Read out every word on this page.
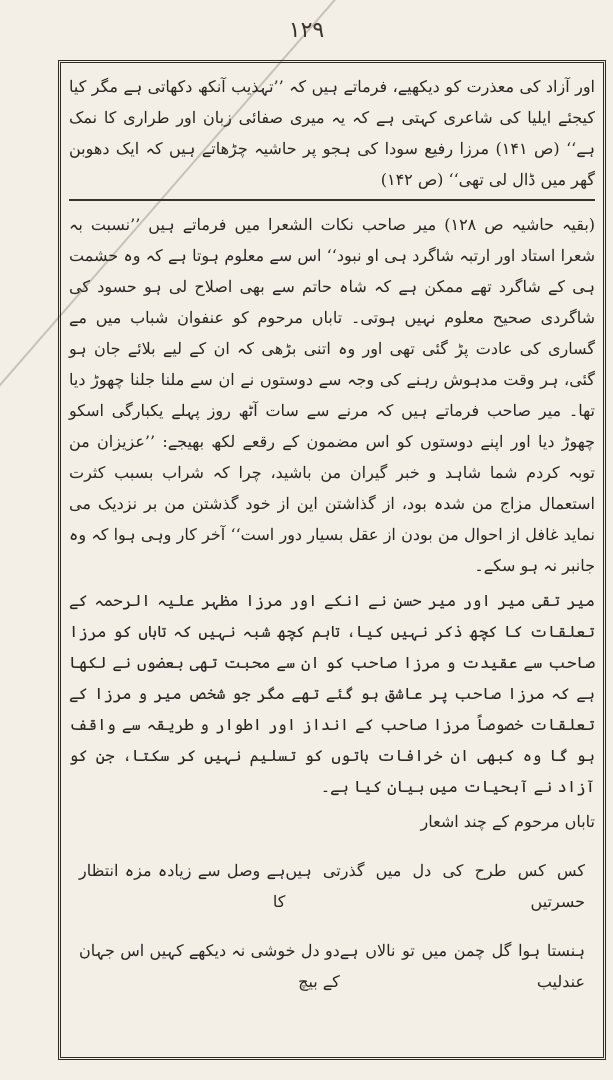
۱۲۹

اور آزاد کی معذرت کو دیکھیے، فرماتے ہیں کہ ’’تہذیب آنکھ دکھاتی ہے مگر کیا کیجئے ایلیا کی شاعری کہتی ہے کہ یہ میری صفائی زبان اور طراری کا نمک ہے‘‘ (ص ۱۴۱) مرزا رفیع سودا کی ہجو پر حاشیہ چڑھاتے ہیں کہ ایک دھوبن گھر میں ڈال لی تھی‘‘ (ص ۱۴۲)

(بقیہ حاشیہ ص ۱۲۸) میر صاحب نکات الشعرا میں فرماتے ہیں ’’نسبت بہ شعرا استاد اور ارتبہ شاگرد ہی او نبود‘‘ اس سے معلوم ہوتا ہے کہ وہ حشمت ہی کے شاگرد تھے ممکن ہے کہ شاہ حاتم سے بھی اصلاح لی ہو حسود کی شاگردی صحیح معلوم نہیں ہوتی۔ تاباں مرحوم کو عنفوان شباب میں مے گساری کی عادت پڑ گئی تھی اور وہ اتنی بڑھی کہ ان کے لیے بلائے جان ہو گئی، ہر وقت مدہوش رہنے کی وجہ سے دوستوں نے ان سے ملنا جلنا چھوڑ دیا تھا۔ میر صاحب فرماتے ہیں کہ مرنے سے سات آٹھ روز پہلے یکبارگی اسکو چھوڑ دیا اور اپنے دوستوں کو اس مضمون کے رقعے لکھ بھیجے: ’’عزیزان من توبہ کردم شما شاہد و خبر گیران من باشید، چرا کہ شراب بسبب کثرت استعمال مزاج من شدہ بود، از گذاشتن این از خود گذشتن من بر نزدیک می نماید غافل از احوال من بودن از عقل بسیار دور است‘‘ آخر کار وہی ہوا کہ وہ جانبر نہ ہو سکے۔

میر تقی میر اور میر حسن نے انکے اور مرزا مظہر علیہ الرحمہ کے تعلقات کا کچھ ذکر نہیں کیا، تاہم کچھ شبہ نہیں کہ تاباں کو مرزا صاحب سے عقیدت و مرزا صاحب کو ان سے محبت تھی بعضوں نے لکھا ہے کہ مرزا صاحب پر عاشق ہو گئے تھے مگر جو شخص میر و مرزا کے تعلقات خصوصاً مرزا صاحب کے انداز اور اطوار و طریقہ سے واقف ہو گا وہ کبھی ان خرافات باتوں کو تسلیم نہیں کر سکتا، جن کو آزاد نے آبحیات میں بیان کیا ہے۔

تاباں مرحوم کے چند اشعار

کس کس طرح کی دل میں گذرتی ہیں حسرتیں
ہے وصل سے زیادہ مزہ انتظار کا
ہنستا ہوا گل چمن میں تو نالاں ہے عندلیب
دو دل خوشی نہ دیکھے کہیں اس جہان کے بیچ
